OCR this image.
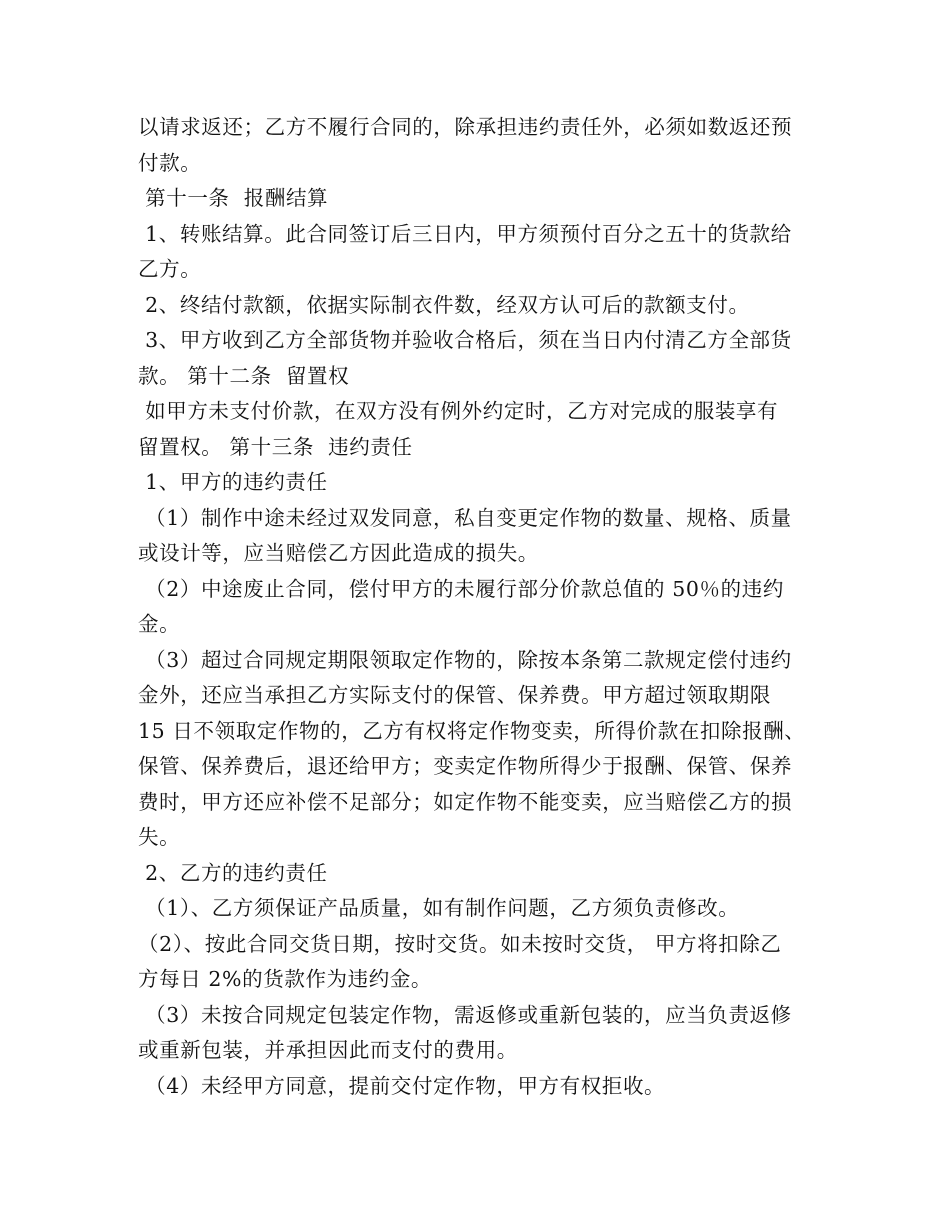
以请求返还；乙方不履行合同的，除承担违约责任外，必须如数返还预
付款。
第十一条  报酬结算
1、转账结算。此合同签订后三日内，甲方须预付百分之五十的货款给
乙方。
2、终结付款额，依据实际制衣件数，经双方认可后的款额支付。
3、甲方收到乙方全部货物并验收合格后，须在当日内付清乙方全部货
款。 第十二条  留置权
如甲方未支付价款，在双方没有例外约定时，乙方对完成的服装享有
留置权。 第十三条  违约责任
1、甲方的违约责任
（1）制作中途未经过双发同意，私自变更定作物的数量、规格、质量
或设计等，应当赔偿乙方因此造成的损失。
（2）中途废止合同，偿付甲方的未履行部分价款总值的 50％的违约
金。
（3）超过合同规定期限领取定作物的，除按本条第二款规定偿付违约
金外，还应当承担乙方实际支付的保管、保养费。甲方超过领取期限
15 日不领取定作物的，乙方有权将定作物变卖，所得价款在扣除报酬、
保管、保养费后，退还给甲方；变卖定作物所得少于报酬、保管、保养
费时，甲方还应补偿不足部分；如定作物不能变卖，应当赔偿乙方的损
失。
2、乙方的违约责任
（1）、乙方须保证产品质量，如有制作问题，乙方须负责修改。
（2）、按此合同交货日期，按时交货。如未按时交货， 甲方将扣除乙
方每日 2%的货款作为违约金。
（3）未按合同规定包装定作物，需返修或重新包装的，应当负责返修
或重新包装，并承担因此而支付的费用。
（4）未经甲方同意，提前交付定作物，甲方有权拒收。
